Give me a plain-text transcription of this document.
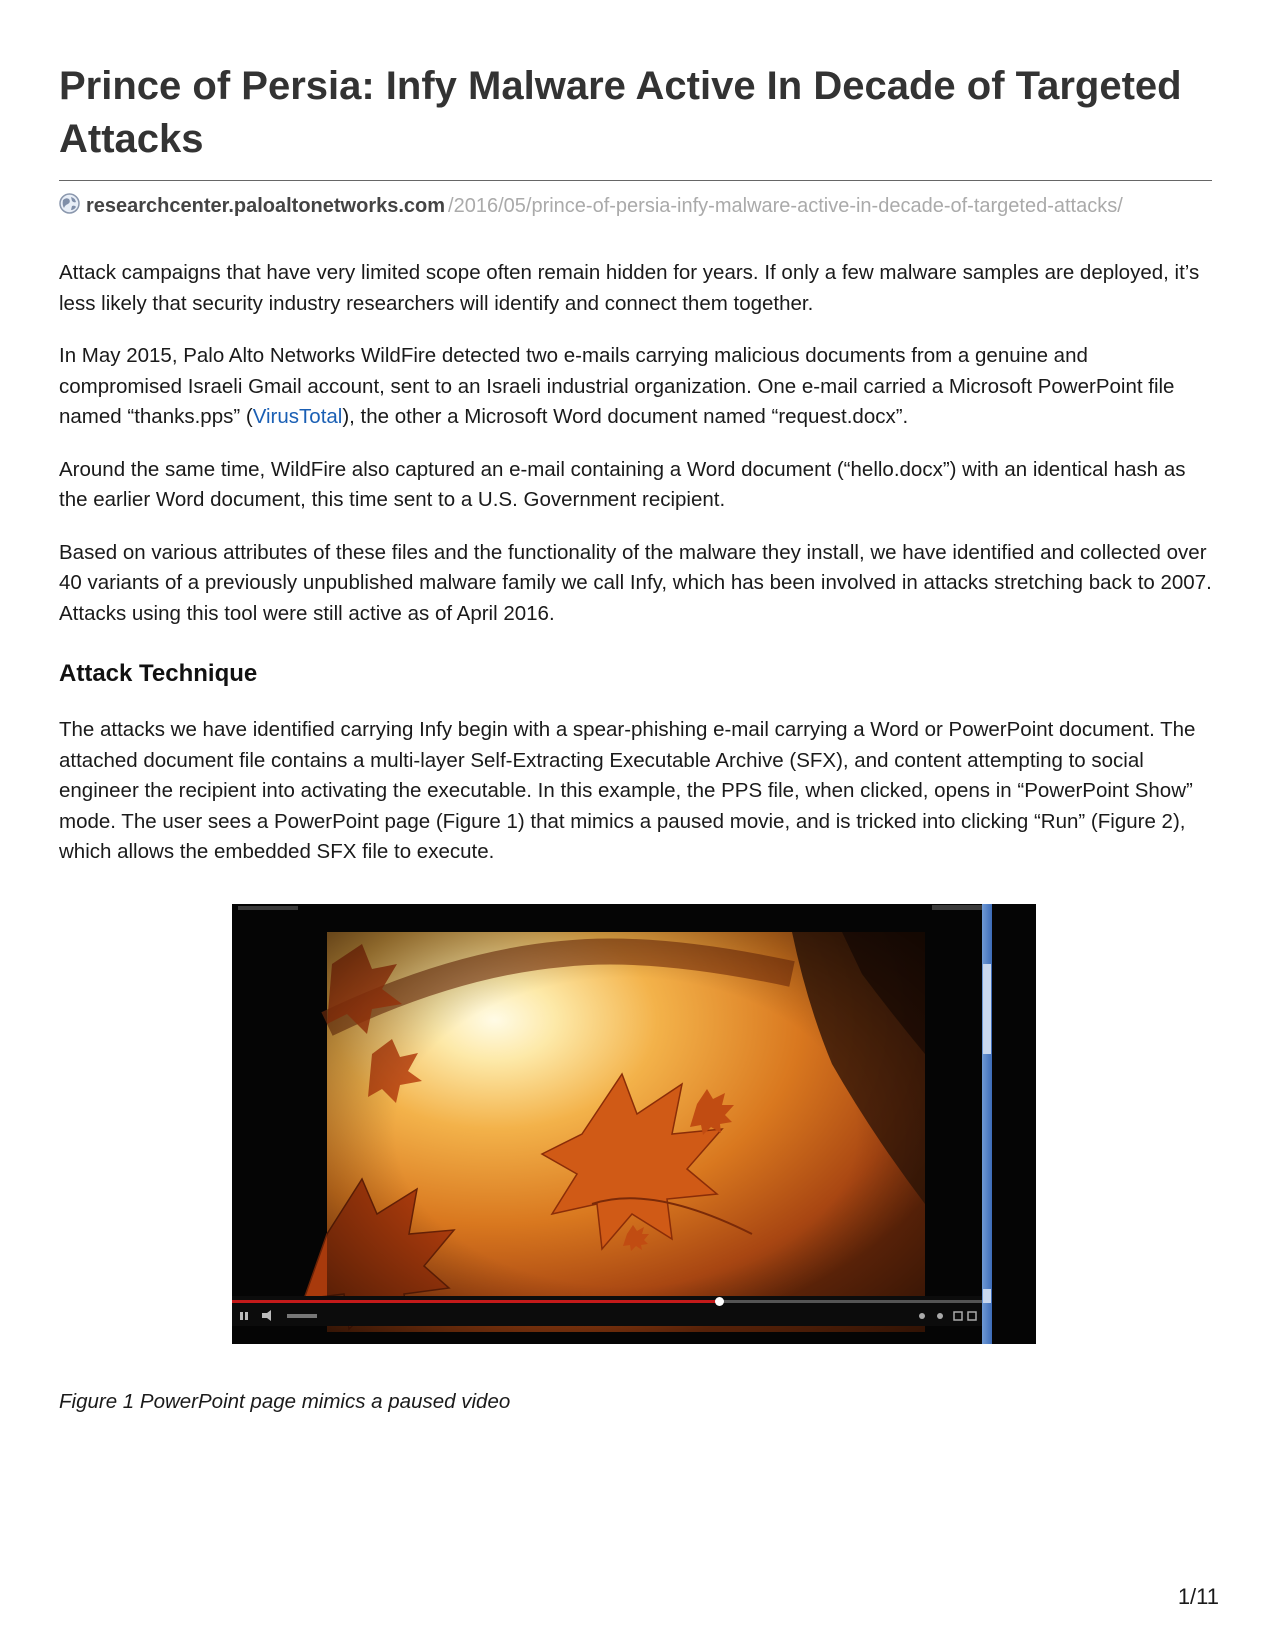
Prince of Persia: Infy Malware Active In Decade of Targeted Attacks
researchcenter.paloaltonetworks.com /2016/05/prince-of-persia-infy-malware-active-in-decade-of-targeted-attacks/

Attack campaigns that have very limited scope often remain hidden for years. If only a few malware samples are deployed, it’s less likely that security industry researchers will identify and connect them together.

In May 2015, Palo Alto Networks WildFire detected two e-mails carrying malicious documents from a genuine and compromised Israeli Gmail account, sent to an Israeli industrial organization. One e-mail carried a Microsoft PowerPoint file named “thanks.pps” (VirusTotal), the other a Microsoft Word document named “request.docx”.

Around the same time, WildFire also captured an e-mail containing a Word document (“hello.docx”) with an identical hash as the earlier Word document, this time sent to a U.S. Government recipient.

Based on various attributes of these files and the functionality of the malware they install, we have identified and collected over 40 variants of a previously unpublished malware family we call Infy, which has been involved in attacks stretching back to 2007. Attacks using this tool were still active as of April 2016.

Attack Technique

The attacks we have identified carrying Infy begin with a spear-phishing e-mail carrying a Word or PowerPoint document. The attached document file contains a multi-layer Self-Extracting Executable Archive (SFX), and content attempting to social engineer the recipient into activating the executable. In this example, the PPS file, when clicked, opens in “PowerPoint Show” mode. The user sees a PowerPoint page (Figure 1) that mimics a paused movie, and is tricked into clicking “Run” (Figure 2), which allows the embedded SFX file to execute.

Figure 1 PowerPoint page mimics a paused video
1/11
